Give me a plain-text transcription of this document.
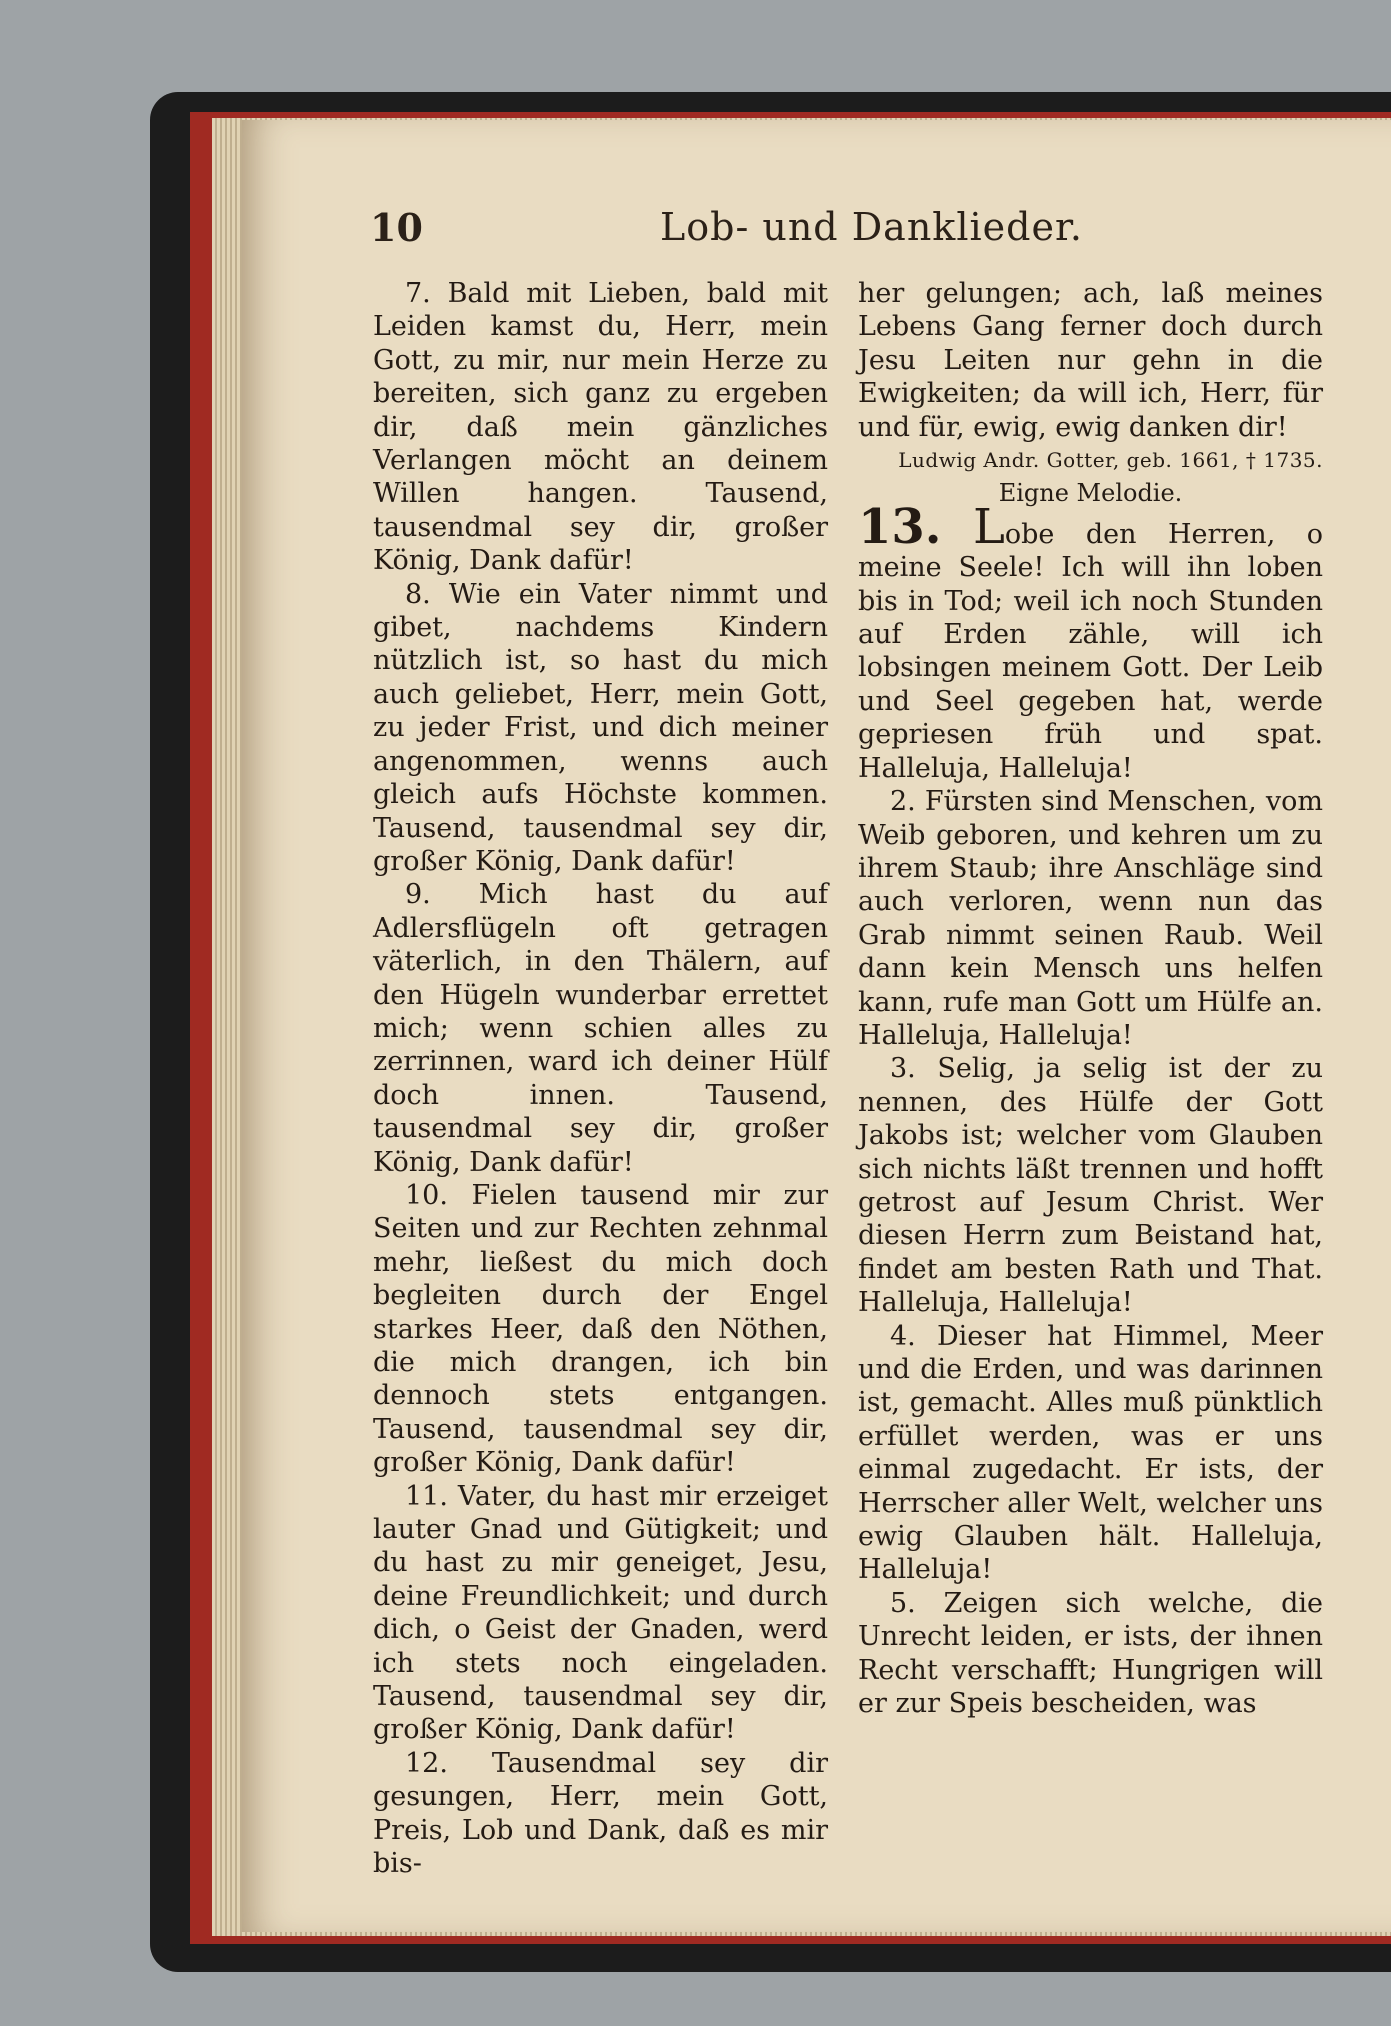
10	Lob- und Danklieder.

7. Bald mit Lieben, bald mit Leiden kamst du, Herr, mein Gott, zu mir, nur mein Herze zu bereiten, sich ganz zu ergeben dir, daß mein gänzliches Verlangen möcht an deinem Willen hangen. Tausend, tausendmal sey dir, großer König, Dank dafür!

8. Wie ein Vater nimmt und gibet, nachdems Kindern nützlich ist, so hast du mich auch geliebet, Herr, mein Gott, zu jeder Frist, und dich meiner angenommen, wenns auch gleich aufs Höchste kommen. Tausend, tausendmal sey dir, großer König, Dank dafür!

9. Mich hast du auf Adlersflügeln oft getragen väterlich, in den Thälern, auf den Hügeln wunderbar errettet mich; wenn schien alles zu zerrinnen, ward ich deiner Hülf doch innen. Tausend, tausendmal sey dir, großer König, Dank dafür!

10. Fielen tausend mir zur Seiten und zur Rechten zehnmal mehr, ließest du mich doch begleiten durch der Engel starkes Heer, daß den Nöthen, die mich drangen, ich bin dennoch stets entgangen. Tausend, tausendmal sey dir, großer König, Dank dafür!

11. Vater, du hast mir erzeiget lauter Gnad und Gütigkeit; und du hast zu mir geneiget, Jesu, deine Freundlichkeit; und durch dich, o Geist der Gnaden, werd ich stets noch eingeladen. Tausend, tausendmal sey dir, großer König, Dank dafür!

12. Tausendmal sey dir gesungen, Herr, mein Gott, Preis, Lob und Dank, daß es mir bis-

her gelungen; ach, laß meines Lebens Gang ferner doch durch Jesu Leiten nur gehn in die Ewigkeiten; da will ich, Herr, für und für, ewig, ewig danken dir!

Ludwig Andr. Gotter, geb. 1661, † 1735.

Eigne Melodie.

13. Lobe den Herren, o meine Seele! Ich will ihn loben bis in Tod; weil ich noch Stunden auf Erden zähle, will ich lobsingen meinem Gott. Der Leib und Seel gegeben hat, werde gepriesen früh und spat. Halleluja, Halleluja!

2. Fürsten sind Menschen, vom Weib geboren, und kehren um zu ihrem Staub; ihre Anschläge sind auch verloren, wenn nun das Grab nimmt seinen Raub. Weil dann kein Mensch uns helfen kann, rufe man Gott um Hülfe an. Halleluja, Halleluja!

3. Selig, ja selig ist der zu nennen, des Hülfe der Gott Jakobs ist; welcher vom Glauben sich nichts läßt trennen und hofft getrost auf Jesum Christ. Wer diesen Herrn zum Beistand hat, findet am besten Rath und That. Halleluja, Halleluja!

4. Dieser hat Himmel, Meer und die Erden, und was darinnen ist, gemacht. Alles muß pünktlich erfüllet werden, was er uns einmal zugedacht. Er ists, der Herrscher aller Welt, welcher uns ewig Glauben hält. Halleluja, Halleluja!

5. Zeigen sich welche, die Unrecht leiden, er ists, der ihnen Recht verschafft; Hungrigen will er zur Speis bescheiden, was
